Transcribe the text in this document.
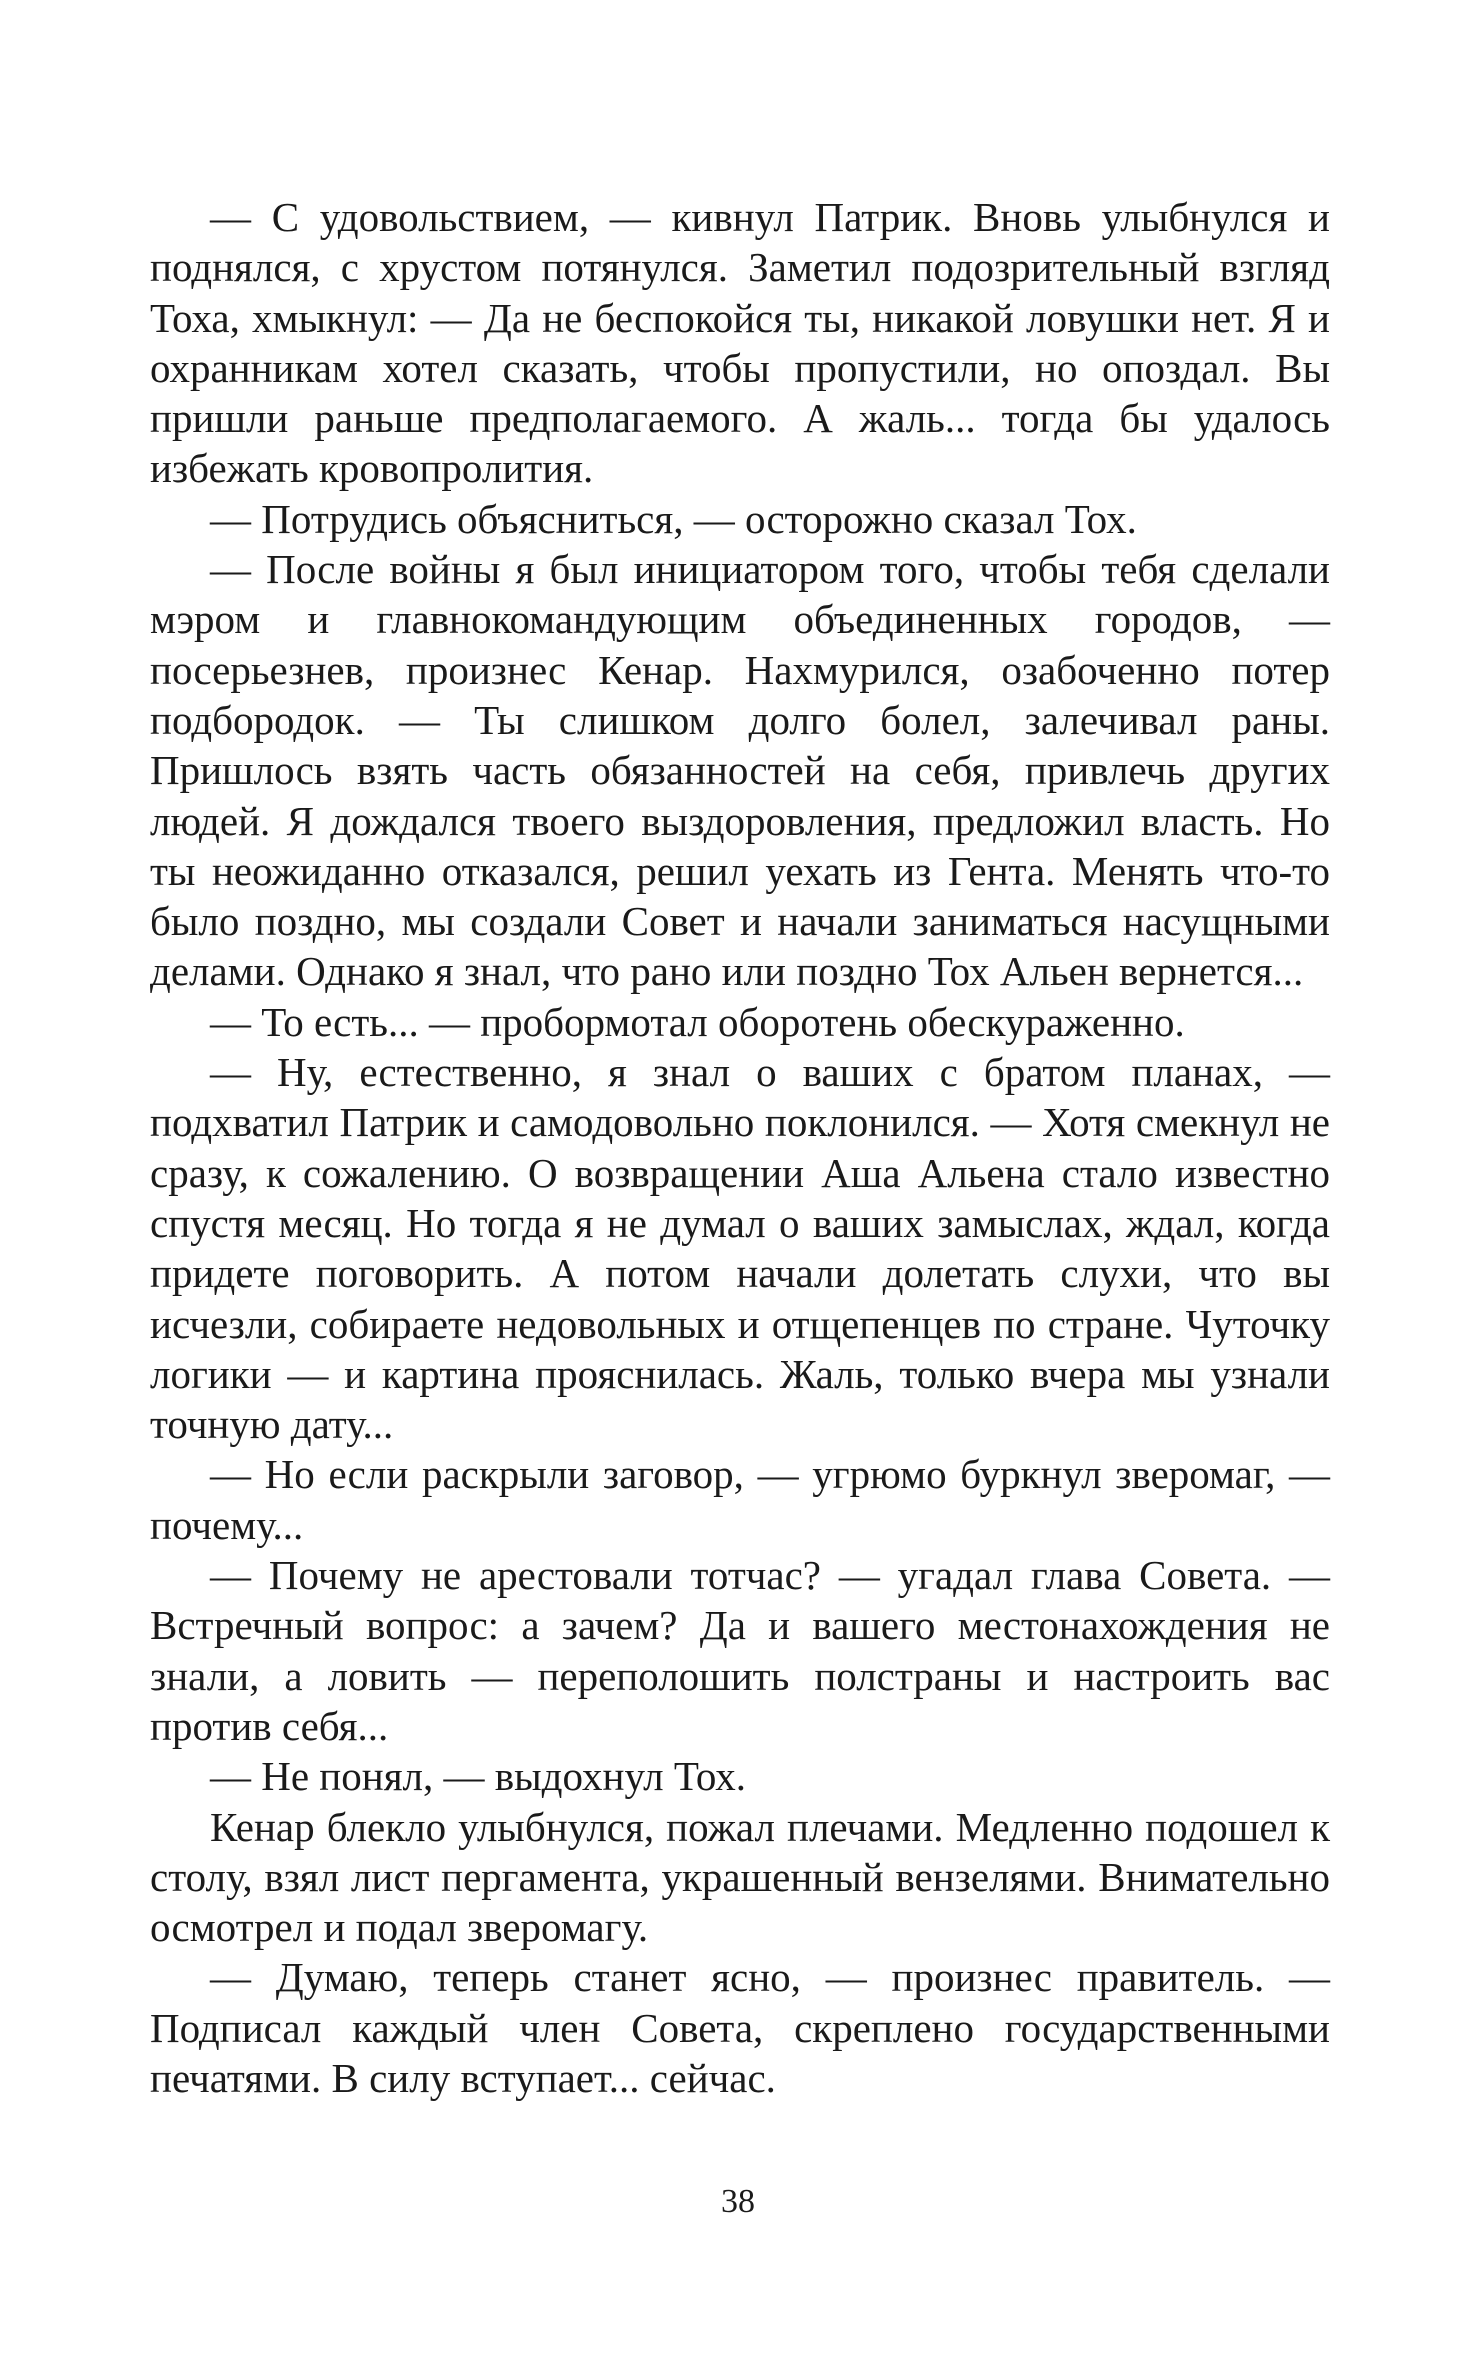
— С удовольствием, — кивнул Патрик. Вновь улыбнулся и поднялся, с хрустом потянулся. Заметил подозрительный взгляд Тоха, хмыкнул: — Да не беспокойся ты, никакой ловушки нет. Я и охранникам хотел сказать, чтобы пропустили, но опоздал. Вы пришли раньше предполагаемого. А жаль... тогда бы удалось избежать кровопролития.

— Потрудись объясниться, — осторожно сказал Тох.

— После войны я был инициатором того, чтобы тебя сделали мэром и главнокомандующим объединенных городов, — посерьезнев, произнес Кенар. Нахмурился, озабоченно потер подбородок. — Ты слишком долго болел, залечивал раны. Пришлось взять часть обязанностей на себя, привлечь других людей. Я дождался твоего выздоровления, предложил власть. Но ты неожиданно отказался, решил уехать из Гента. Менять что-то было поздно, мы создали Совет и начали заниматься насущными делами. Однако я знал, что рано или поздно Тох Альен вернется...

— То есть... — пробормотал оборотень обескураженно.

— Ну, естественно, я знал о ваших с братом планах, — подхватил Патрик и самодовольно поклонился. — Хотя смекнул не сразу, к сожалению. О возвращении Аша Альена стало известно спустя месяц. Но тогда я не думал о ваших замыслах, ждал, когда придете поговорить. А потом начали долетать слухи, что вы исчезли, собираете недовольных и отщепенцев по стране. Чуточку логики — и картина прояснилась. Жаль, только вчера мы узнали точную дату...

— Но если раскрыли заговор, — угрюмо буркнул зверомаг, — почему...

— Почему не арестовали тотчас? — угадал глава Совета. — Встречный вопрос: а зачем? Да и вашего местонахождения не знали, а ловить — переполошить полстраны и настроить вас против себя...

— Не понял, — выдохнул Тох.

Кенар блекло улыбнулся, пожал плечами. Медленно подошел к столу, взял лист пергамента, украшенный вензелями. Внимательно осмотрел и подал зверомагу.

— Думаю, теперь станет ясно, — произнес правитель. — Подписал каждый член Совета, скреплено государственными печатями. В силу вступает... сейчас.

38
